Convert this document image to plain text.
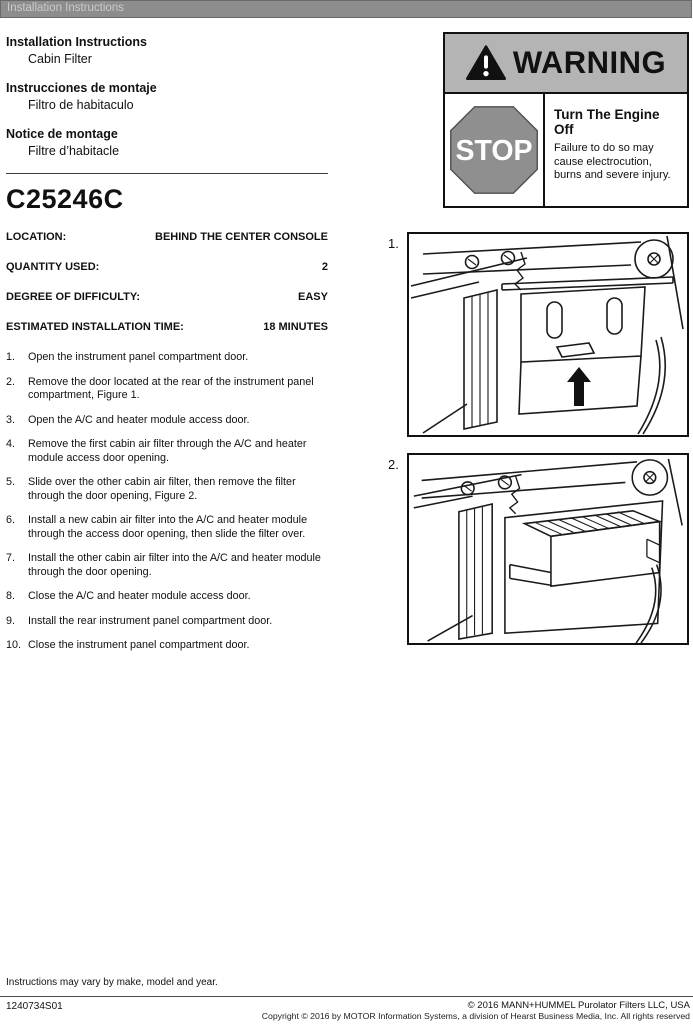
Installation Instructions
Installation Instructions
Cabin Filter
Instrucciones de montaje
Filtro de habitaculo
Notice de montage
Filtre d’habitacle
C25246C
LOCATION:	BEHIND THE CENTER CONSOLE
QUANTITY USED:	2
DEGREE OF DIFFICULTY:	EASY
ESTIMATED INSTALLATION TIME:	18 MINUTES
1.	Open the instrument panel compartment door.
2.	Remove the door located at the rear of the instrument panel compartment, Figure 1.
3.	Open the A/C and heater module access door.
4.	Remove the first cabin air filter through the A/C and heater module access door opening.
5.	Slide over the other cabin air filter, then remove the filter through the door opening, Figure 2.
6.	Install a new cabin air filter into the A/C and heater module through the access door opening, then slide the filter over.
7.	Install the other cabin air filter into the A/C and heater module through the door opening.
8.	Close the A/C and heater module access door.
9.	Install the rear instrument panel compartment door.
10. Close the instrument panel compartment door.
WARNING
STOP
Turn The Engine Off
Failure to do so may cause electrocution, burns and severe injury.
1.
2.
Instructions may vary by make, model and year.
1240734S01	© 2016 MANN+HUMMEL Purolator Filters LLC, USA
Copyright © 2016 by MOTOR Information Systems, a division of Hearst Business Media, Inc. All rights reserved
